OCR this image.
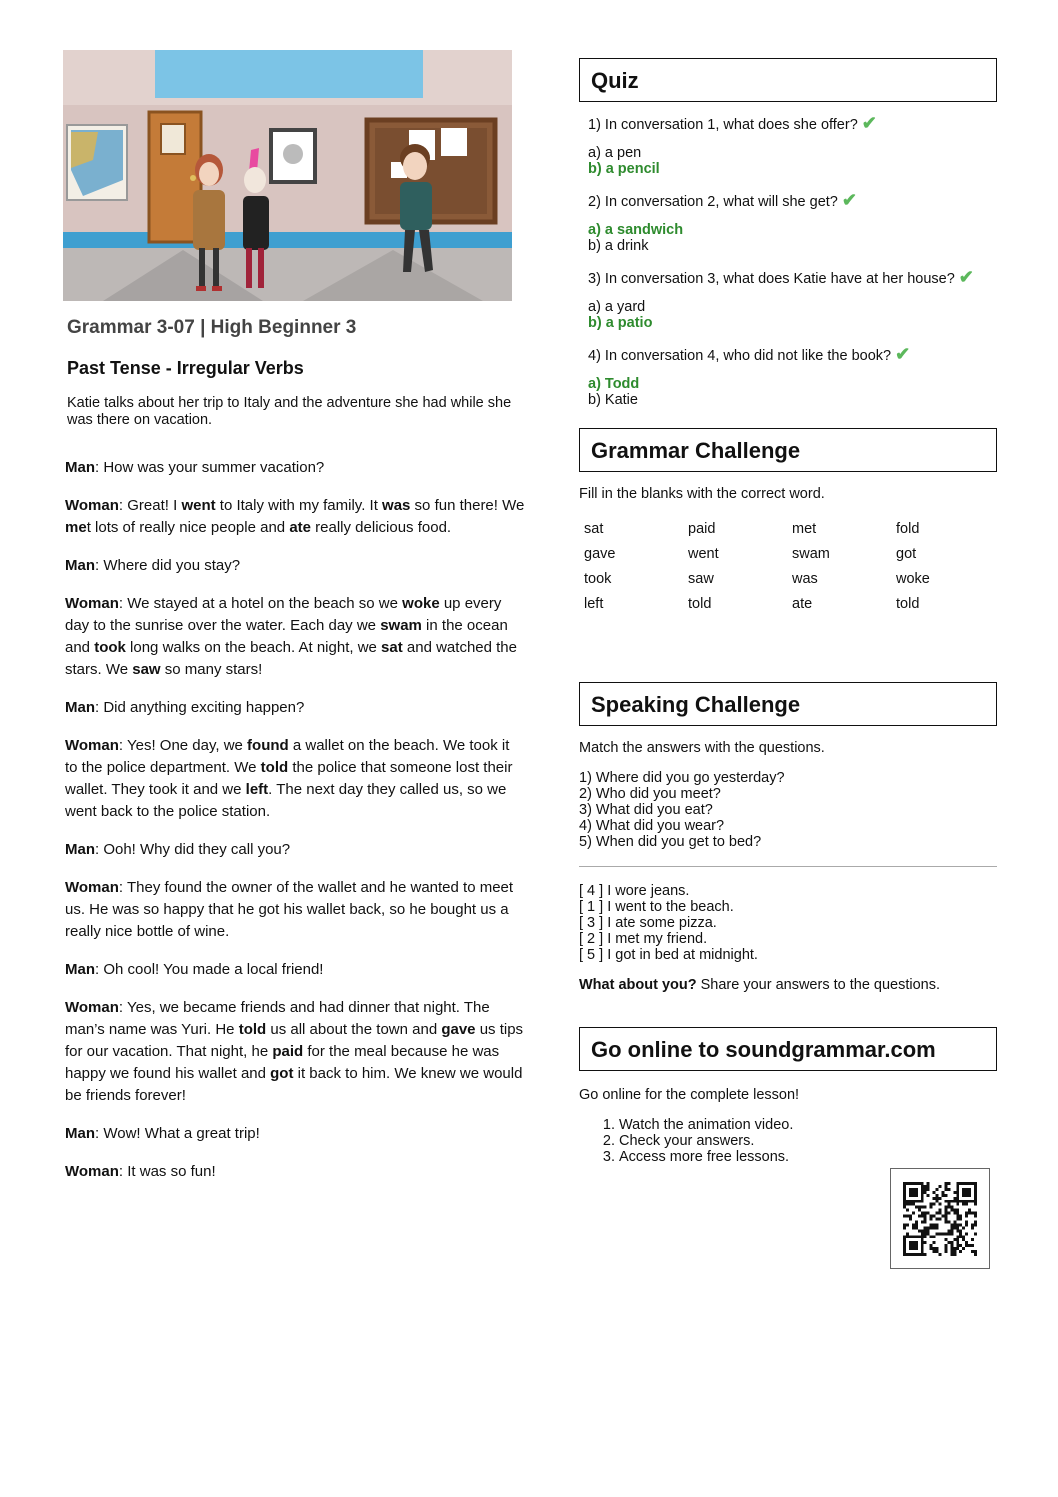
Grammar 3-07 | High Beginner 3
Past Tense - Irregular Verbs
Katie talks about her trip to Italy and the adventure she had while she was there on vacation.
Man: How was your summer vacation?
Woman: Great! I went to Italy with my family. It was so fun there! We met lots of really nice people and ate really delicious food.
Man: Where did you stay?
Woman: We stayed at a hotel on the beach so we woke up every day to the sunrise over the water. Each day we swam in the ocean and took long walks on the beach. At night, we sat and watched the stars. We saw so many stars!
Man: Did anything exciting happen?
Woman: Yes! One day, we found a wallet on the beach. We took it to the police department. We told the police that someone lost their wallet. They took it and we left. The next day they called us, so we went back to the police station.
Man: Ooh! Why did they call you?
Woman: They found the owner of the wallet and he wanted to meet us. He was so happy that he got his wallet back, so he bought us a really nice bottle of wine.
Man: Oh cool! You made a local friend!
Woman: Yes, we became friends and had dinner that night. The man’s name was Yuri. He told us all about the town and gave us tips for our vacation. That night, he paid for the meal because he was happy we found his wallet and got it back to him. We knew we would be friends forever!
Man: Wow! What a great trip!
Woman: It was so fun!
Quiz
1) In conversation 1, what does she offer? ✔
a) a pen
b) a pencil
2) In conversation 2, what will she get? ✔
a) a sandwich
b) a drink
3) In conversation 3, what does Katie have at her house? ✔
a) a yard
b) a patio
4) In conversation 4, who did not like the book? ✔
a) Todd
b) Katie
Grammar Challenge
Fill in the blanks with the correct word.
sat	paid	met	fold
gave	went	swam	got
took	saw	was	woke
left	told	ate	told
Speaking Challenge
Match the answers with the questions.
1) Where did you go yesterday?
2) Who did you meet?
3) What did you eat?
4) What did you wear?
5) When did you get to bed?
[ 4 ] I wore jeans.
[ 1 ] I went to the beach.
[ 3 ] I ate some pizza.
[ 2 ] I met my friend.
[ 5 ] I got in bed at midnight.
What about you? Share your answers to the questions.
Go online to soundgrammar.com
Go online for the complete lesson!
1. Watch the animation video.
2. Check your answers.
3. Access more free lessons.
